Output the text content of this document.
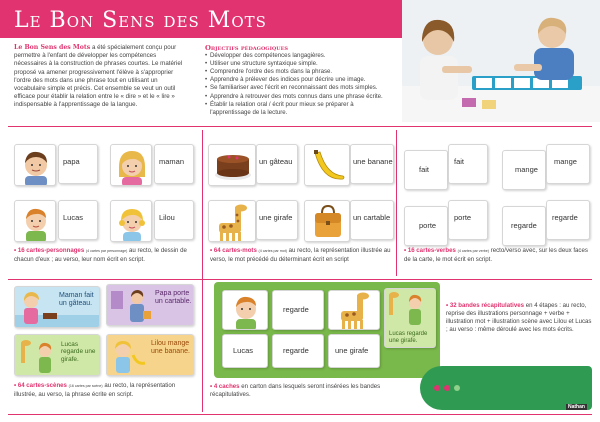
Le Bon Sens des Mots
Le Bon Sens des Mots a été spécialement conçu pour permettre à l'enfant de développer les compétences nécessaires à la construction de phrases courtes. Le matériel proposé va amener progressivement l'élève à s'approprier l'ordre des mots dans une phrase tout en utilisant un vocabulaire simple et précis. Cet ensemble se veut un outil efficace pour établir la relation entre le « dire » et le « lire » indispensable à l'apprentissage de la langue.
Objectifs pédagogiques
• Développer des compétences langagières.
• Utiliser une structure syntaxique simple.
• Comprendre l'ordre des mots dans la phrase.
• Apprendre à prélever des indices pour décrire une image.
• Se familiariser avec l'écrit en reconnaissant des mots simples.
• Apprendre à retrouver des mots connus dans une phrase écrite.
• Établir la relation oral / écrit pour mieux se préparer à l'apprentissage de la lecture.
papa	maman
Lucas	Lilou
• 16 cartes-personnages (4 cartes par personnage) au recto, le dessin de chacun d'eux ; au verso, leur nom écrit en script.
un gâteau	une banane
une girafe	un cartable
• 64 cartes-mots (4 cartes par mot) au recto, la représentation illustrée au verso, le mot précédé du déterminant écrit en script
fait
fait
mange
mange
porte
porte
regarde
regarde
• 16 cartes-verbes (4 cartes par verbe) recto/verso avec, sur les deux faces de la carte, le mot écrit en script.
Maman fait un gâteau.
Papa porte un cartable.
Lucas regarde une girafe.
Lilou mange une banane.
• 64 cartes-scènes (16 cartes par scène) au recto, la représentation illustrée, au verso, la phrase écrite en script.
regarde
Lucas regarde une girafe.
Lucas	regarde	une girafe
• 32 bandes récapitulatives en 4 étapes : au recto, reprise des illustrations personnage + verbe + illustration mot + illustration scène avec Lilou et Lucas ; au verso : même déroulé avec les mots écrits.
• 4 caches en carton dans lesquels seront insérées les bandes récapitulatives.
Nathan
